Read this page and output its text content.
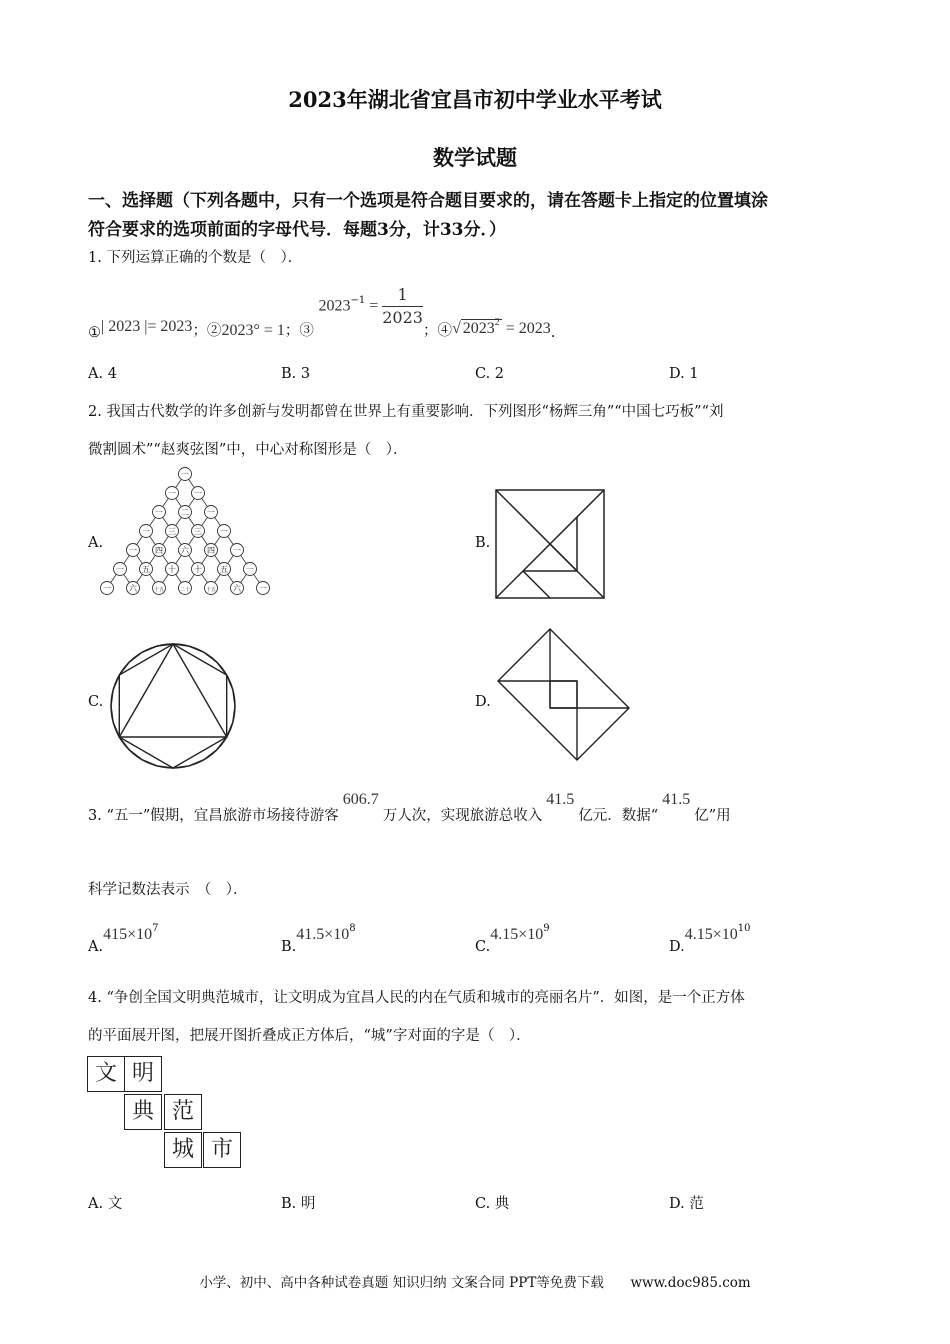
2023年湖北省宜昌市初中学业水平考试
数学试题
一、选择题（下列各题中，只有一个选项是符合题目要求的，请在答题卡上指定的位置填涂
符合要求的选项前面的字母代号．每题3分，计33分．）
1. 下列运算正确的个数是（　）．
①| 2023 |= 2023；②2023° = 1；③ $2023^{-1} = \frac{1}{2023}$
；④√ $2023^2 = 2023$.
A. 4	B. 3	C. 2	D. 1
2. 我国古代数学的许多创新与发明都曾在世界上有重要影响．下列图形“杨辉三角”“中国七巧板”“刘
微割圆术”“赵爽弦图”中，中心对称图形是（　）．
A.
一
一 一
一 二 一
一 三 三 一
一 四 六 四 一
一 五 十 十 五 一
一 六	十五	二十	十五 六 一
B.
C.	D.
3. “五一”假期，宜昌旅游市场接待游客606.7万人次，实现旅游总收入41.5亿元．数据“41.5亿”用
科学记数法表示　（　）．
$A.415\times 10^7$
$B.41.5\times 10^8$
$C.4.15\times 10^9$
$D.4.15\times 10^{10}$
4. “争创全国文明典范城市，让文明成为宜昌人民的内在气质和城市的亮丽名片”．如图，是一个正方体
的平面展开图，把展开图折叠成正方体后，“城”字对面的字是（　）．
文 明
典 范
城 市
A. 文	B. 明	C. 典	D. 范
小学、初中、高中各种试卷真题 知识归纳 文案合同 PPT等免费下载 www.doc985.com
